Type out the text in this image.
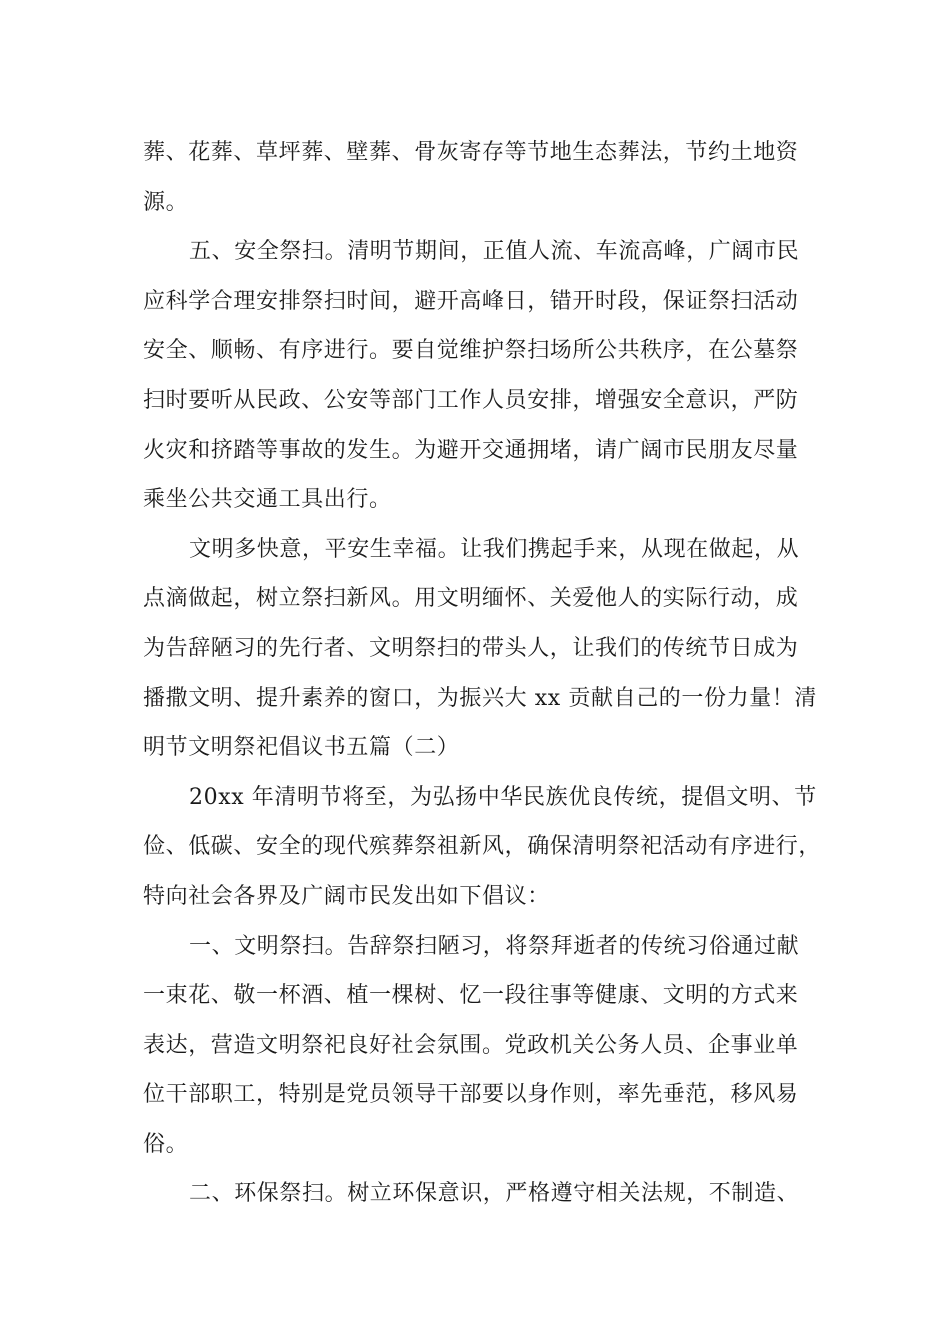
葬、花葬、草坪葬、壁葬、骨灰寄存等节地生态葬法，节约土地资
源。
五、安全祭扫。清明节期间，正值人流、车流高峰，广阔市民
应科学合理安排祭扫时间，避开高峰日，错开时段，保证祭扫活动
安全、顺畅、有序进行。要自觉维护祭扫场所公共秩序，在公墓祭
扫时要听从民政、公安等部门工作人员安排，增强安全意识，严防
火灾和挤踏等事故的发生。为避开交通拥堵，请广阔市民朋友尽量
乘坐公共交通工具出行。
文明多快意，平安生幸福。让我们携起手来，从现在做起，从
点滴做起，树立祭扫新风。用文明缅怀、关爱他人的实际行动，成
为告辞陋习的先行者、文明祭扫的带头人，让我们的传统节日成为
播撒文明、提升素养的窗口，为振兴大 xx 贡献自己的一份力量！清
明节文明祭祀倡议书五篇（二）
20xx 年清明节将至，为弘扬中华民族优良传统，提倡文明、节
俭、低碳、安全的现代殡葬祭祖新风，确保清明祭祀活动有序进行，
特向社会各界及广阔市民发出如下倡议：
一、文明祭扫。告辞祭扫陋习，将祭拜逝者的传统习俗通过献
一束花、敬一杯酒、植一棵树、忆一段往事等健康、文明的方式来
表达，营造文明祭祀良好社会氛围。党政机关公务人员、企事业单
位干部职工，特别是党员领导干部要以身作则，率先垂范，移风易
俗。
二、环保祭扫。树立环保意识，严格遵守相关法规，不制造、
